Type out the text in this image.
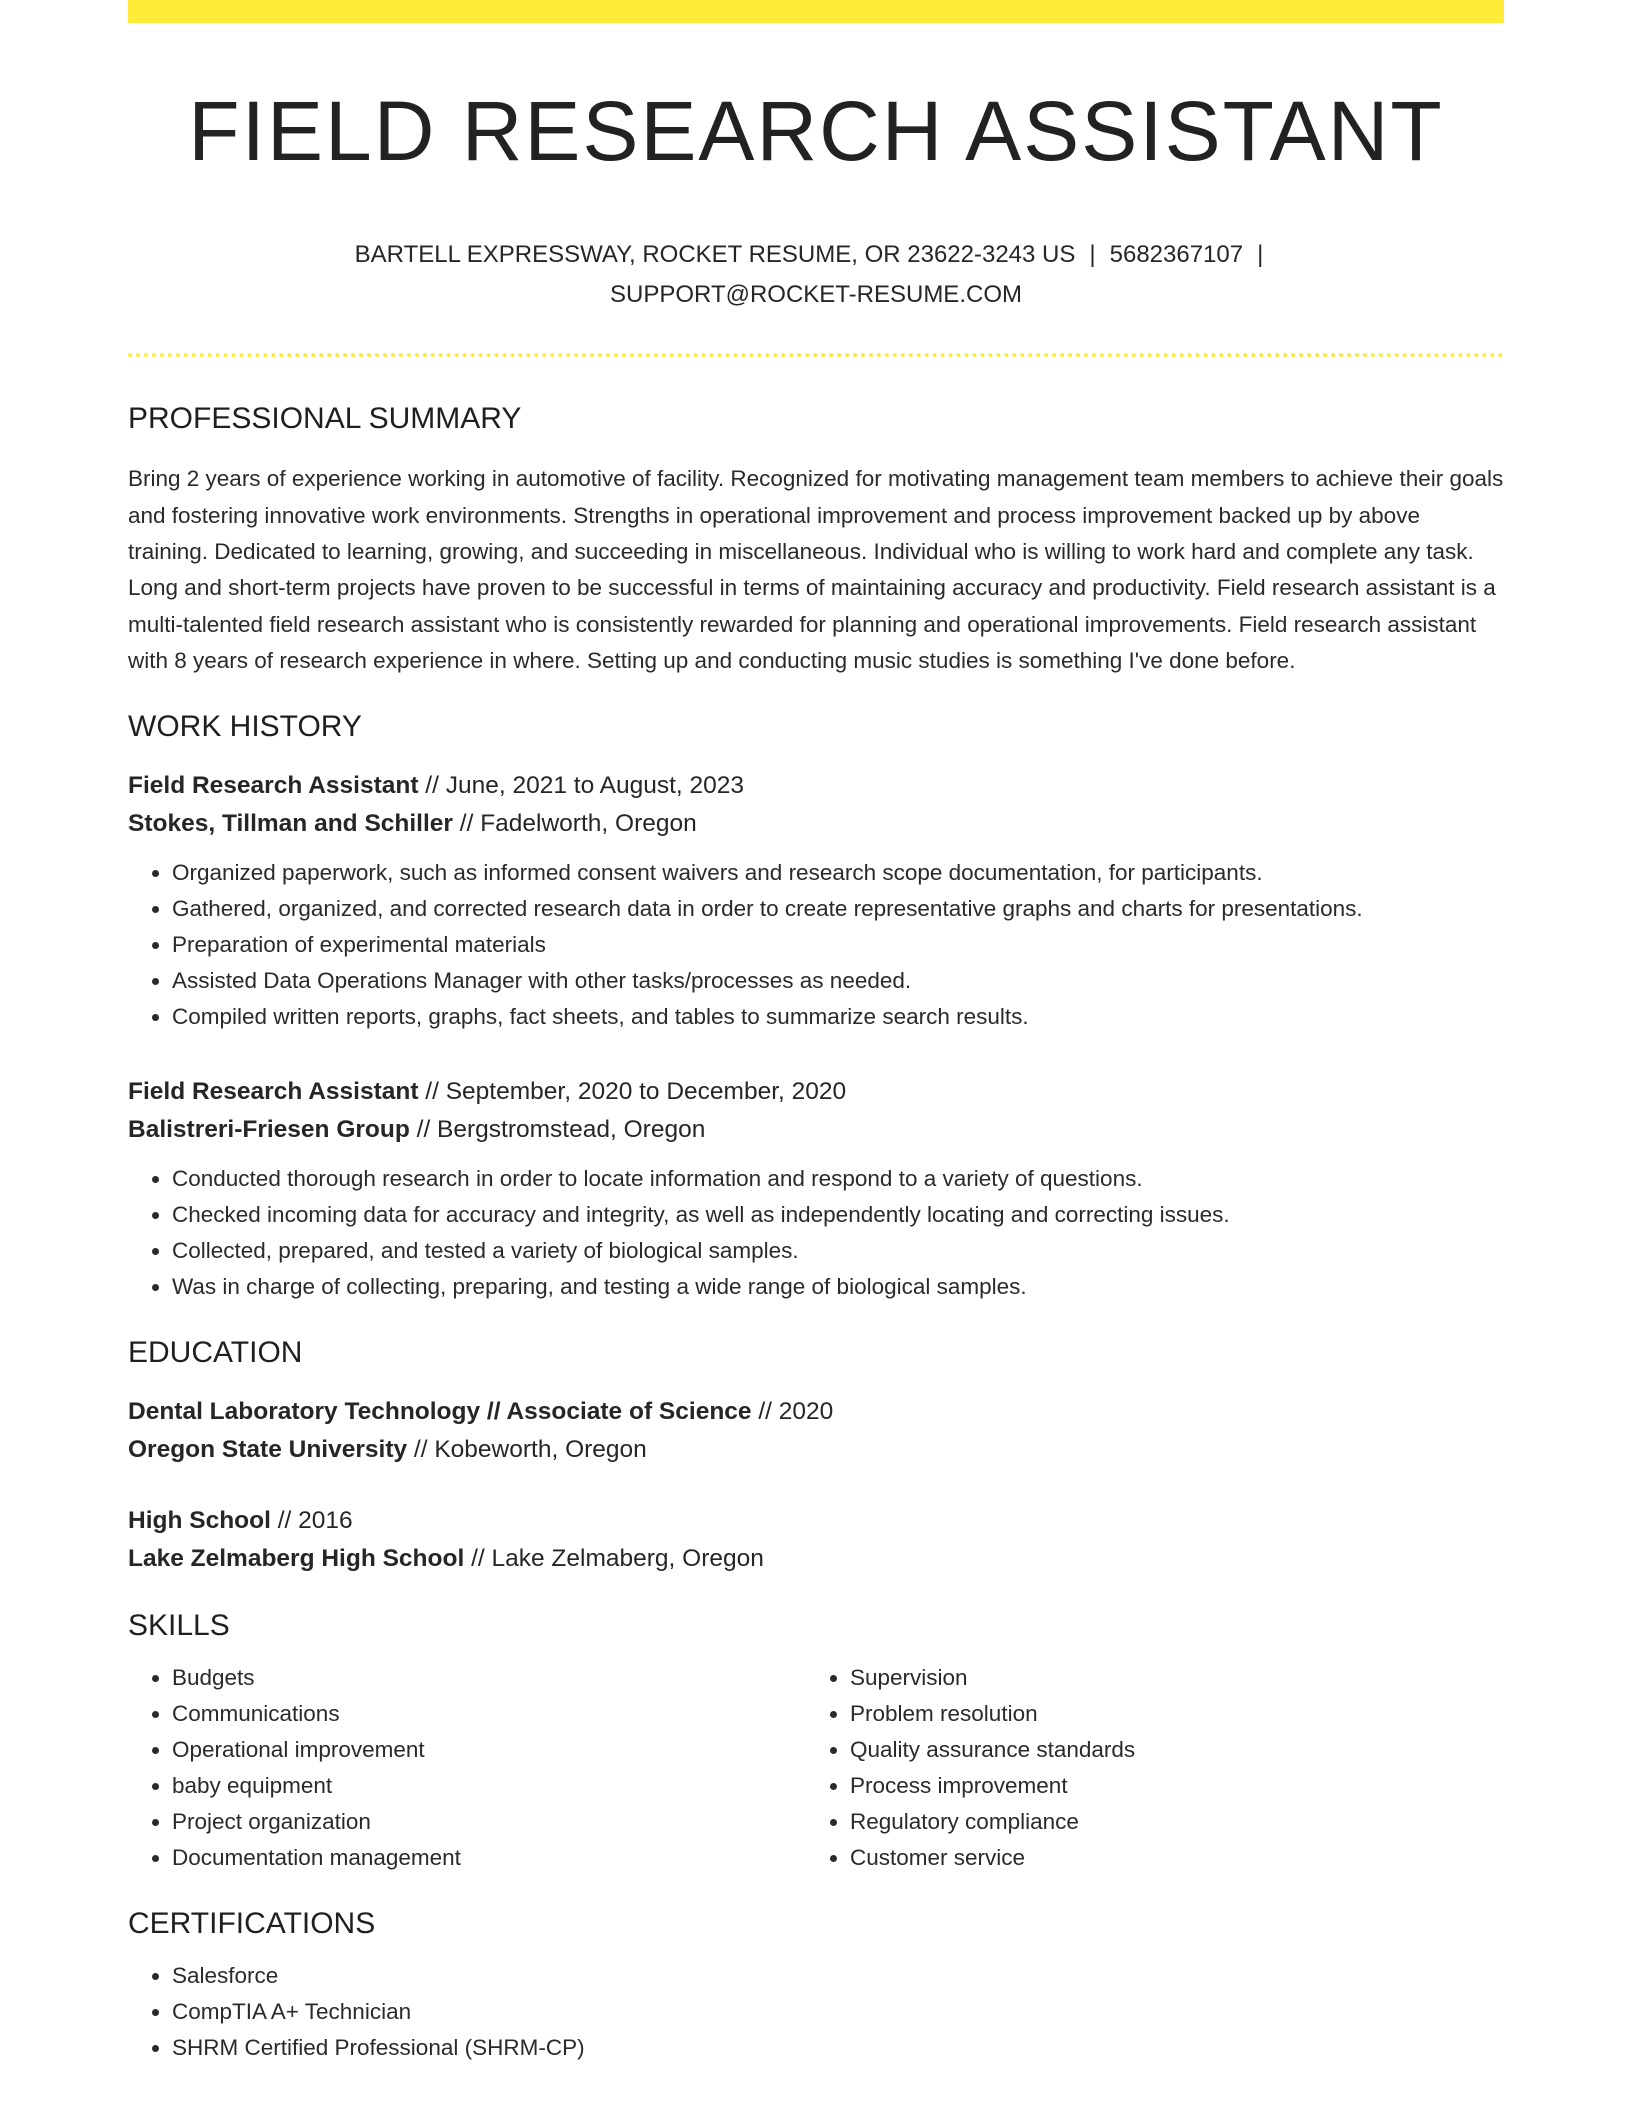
FIELD RESEARCH ASSISTANT
BARTELL EXPRESSWAY, ROCKET RESUME, OR 23622-3243 US | 5682367107 |
SUPPORT@ROCKET-RESUME.COM
PROFESSIONAL SUMMARY

Bring 2 years of experience working in automotive of facility. Recognized for motivating management team members to achieve their goals and fostering innovative work environments. Strengths in operational improvement and process improvement backed up by above training. Dedicated to learning, growing, and succeeding in miscellaneous. Individual who is willing to work hard and complete any task. Long and short-term projects have proven to be successful in terms of maintaining accuracy and productivity. Field research assistant is a multi-talented field research assistant who is consistently rewarded for planning and operational improvements. Field research assistant with 8 years of research experience in where. Setting up and conducting music studies is something I've done before.

WORK HISTORY
Field Research Assistant // June, 2021 to August, 2023
Stokes, Tillman and Schiller // Fadelworth, Oregon
• Organized paperwork, such as informed consent waivers and research scope documentation, for participants.
• Gathered, organized, and corrected research data in order to create representative graphs and charts for presentations.
• Preparation of experimental materials
• Assisted Data Operations Manager with other tasks/processes as needed.
• Compiled written reports, graphs, fact sheets, and tables to summarize search results.
Field Research Assistant // September, 2020 to December, 2020
Balistreri-Friesen Group // Bergstromstead, Oregon
• Conducted thorough research in order to locate information and respond to a variety of questions.
• Checked incoming data for accuracy and integrity, as well as independently locating and correcting issues.
• Collected, prepared, and tested a variety of biological samples.
• Was in charge of collecting, preparing, and testing a wide range of biological samples.
EDUCATION
Dental Laboratory Technology // Associate of Science // 2020
Oregon State University // Kobeworth, Oregon
High School // 2016
Lake Zelmaberg High School // Lake Zelmaberg, Oregon
SKILLS
• Budgets
• Communications
• Operational improvement
• baby equipment
• Project organization
• Documentation management
• Supervision
• Problem resolution
• Quality assurance standards
• Process improvement
• Regulatory compliance
• Customer service
CERTIFICATIONS
• Salesforce
• CompTIA A+ Technician
• SHRM Certified Professional (SHRM-CP)
